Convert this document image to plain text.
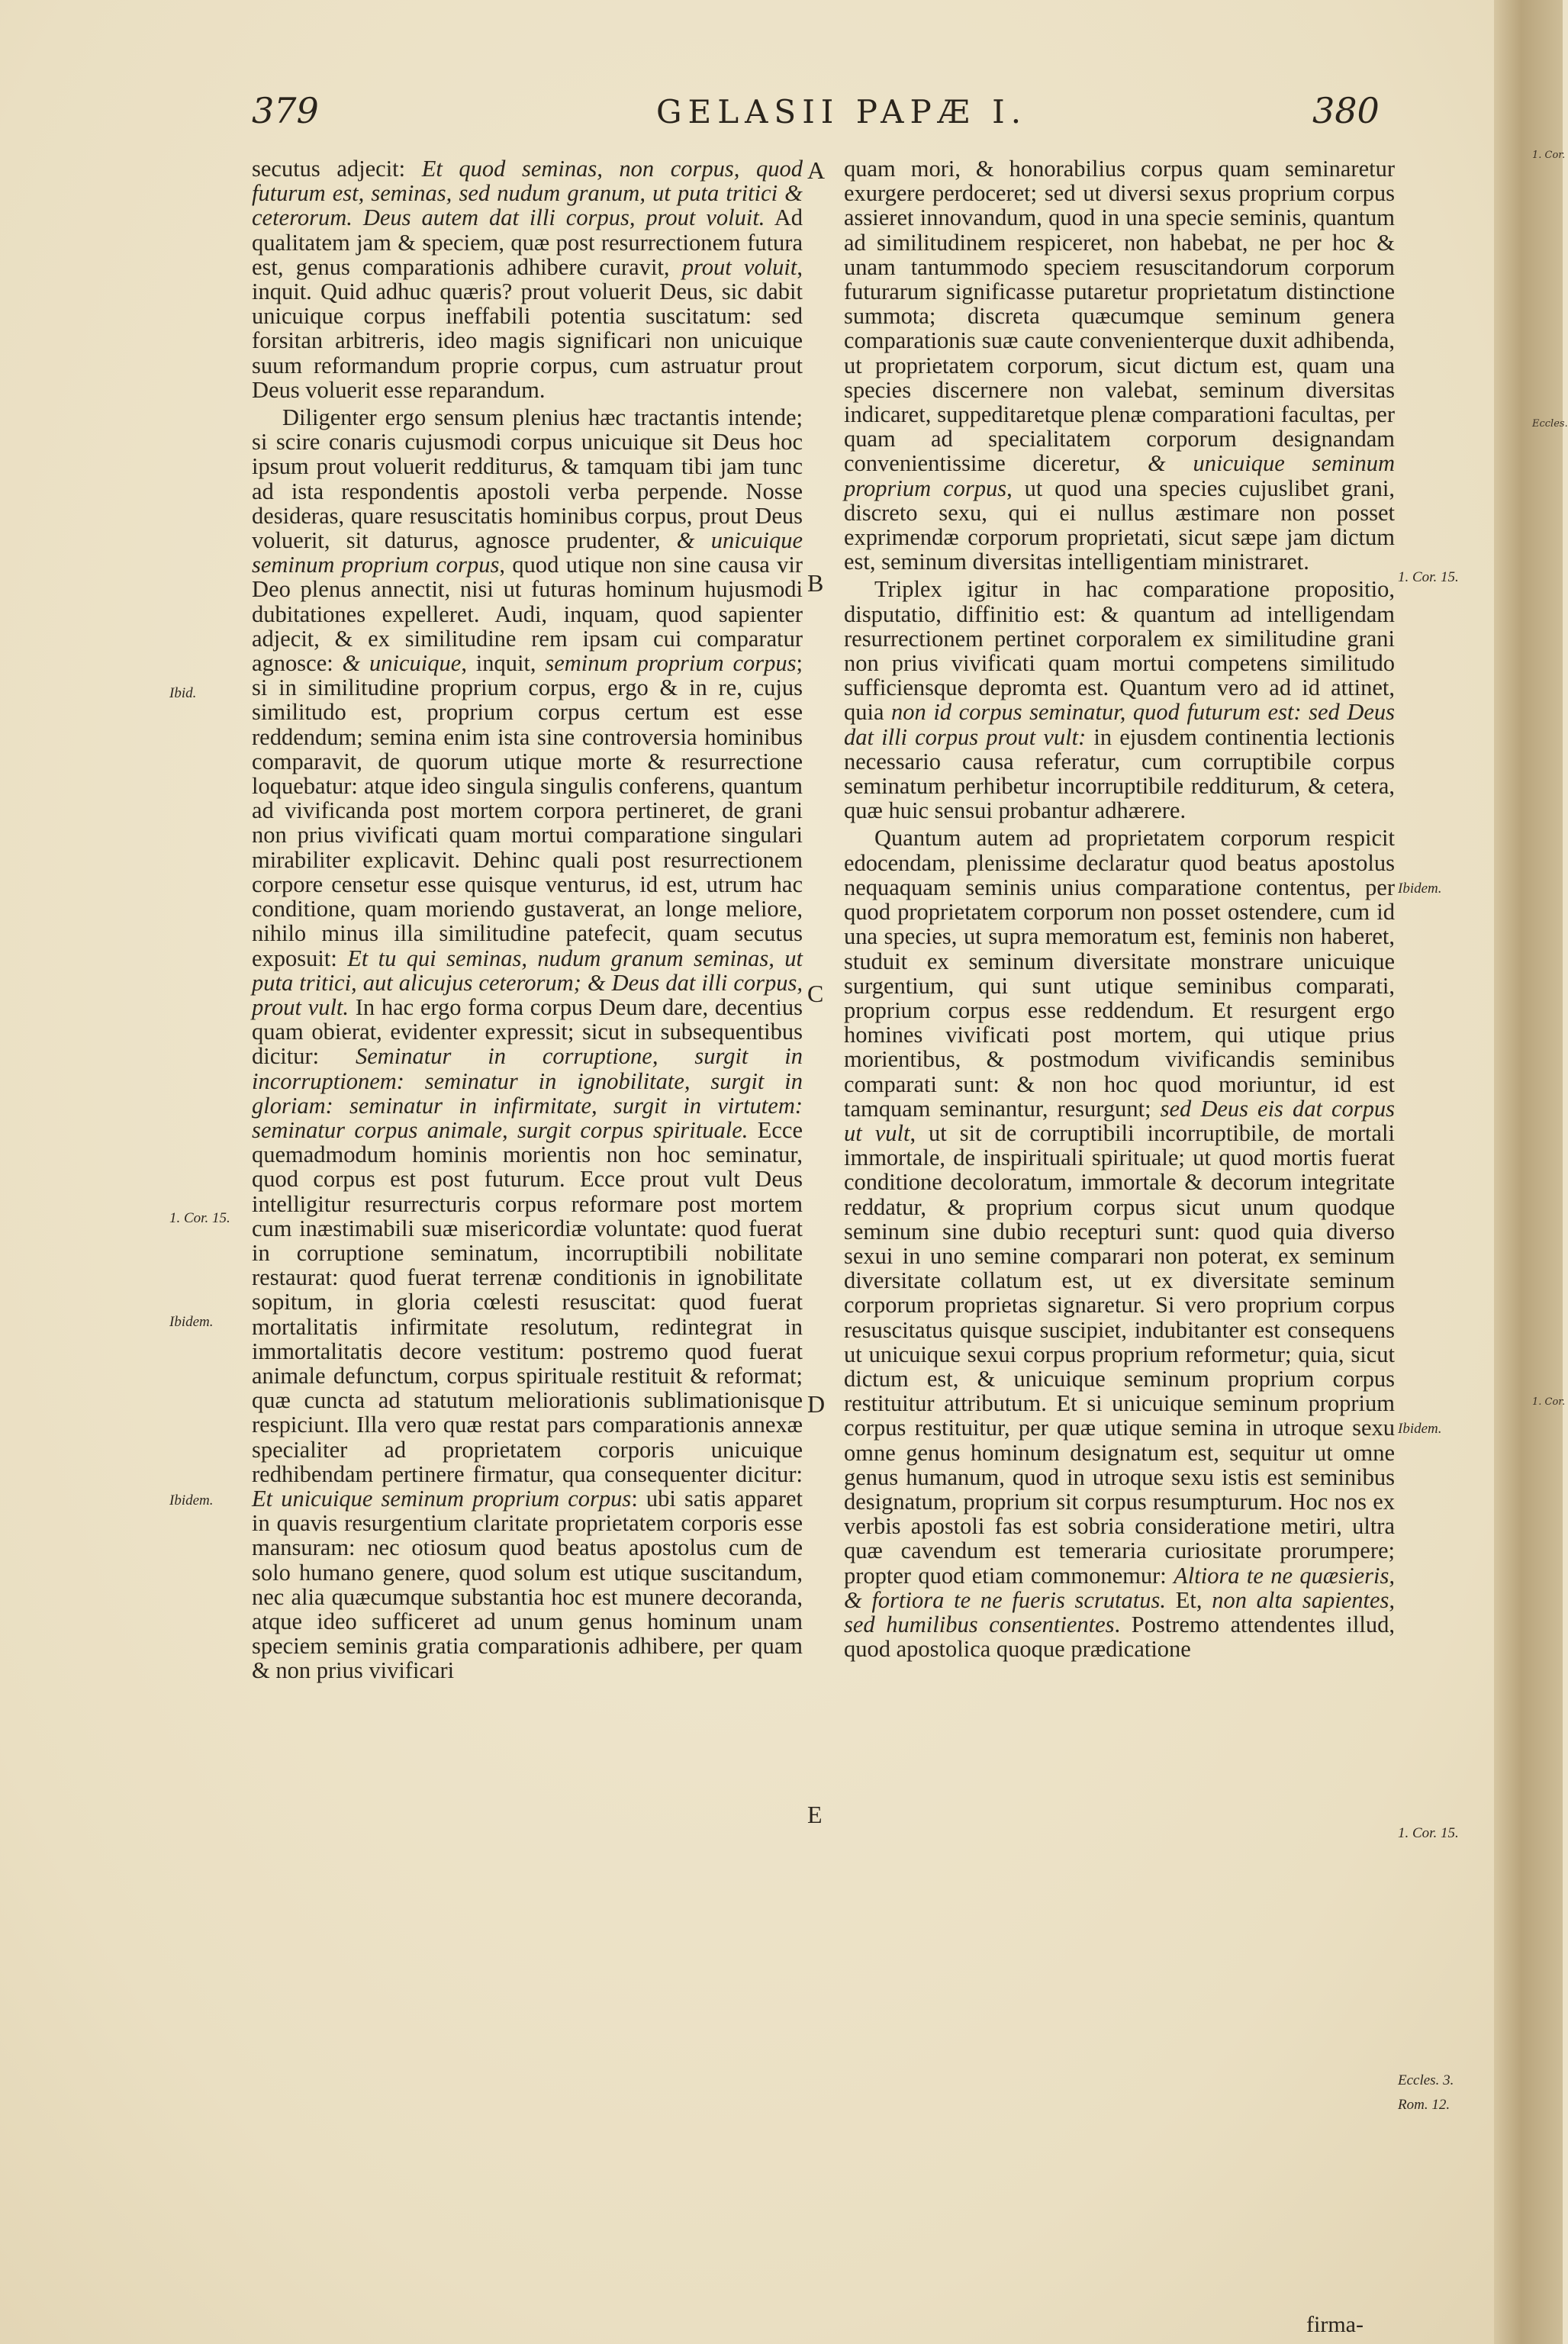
1. Cor.
Eccles.
1. Cor.
379	GELASII PAPÆ I.	380

secutus adjecit: Et quod seminas, non corpus, quod futurum est, seminas, sed nudum granum, ut puta tritici & ceterorum. Deus autem dat illi corpus, prout voluit. Ad qualitatem jam & speciem, quæ post resurrectionem futura est, genus comparationis adhibere curavit, prout voluit, inquit. Quid adhuc quæris? prout voluerit Deus, sic dabit unicuique corpus ineffabili potentia suscitatum: sed forsitan arbitreris, ideo magis significari non unicuique suum reformandum proprie corpus, cum astruatur prout Deus voluerit esse reparandum.

Diligenter ergo sensum plenius hæc tractantis intende; si scire conaris cujusmodi corpus unicuique sit Deus hoc ipsum prout voluerit redditurus, & tamquam tibi jam tunc ad ista respondentis apostoli verba perpende. Nosse desideras, quare resuscitatis hominibus corpus, prout Deus voluerit, sit daturus, agnosce prudenter, & unicuique seminum proprium corpus, quod utique non sine causa vir Deo plenus annectit, nisi ut futuras hominum hujusmodi dubitationes expelleret. Audi, inquam, quod sapienter adjecit, & ex similitudine rem ipsam cui comparatur agnosce: & unicuique, inquit, seminum proprium corpus; si in similitudine proprium corpus, ergo & in re, cujus similitudo est, proprium corpus certum est esse reddendum; semina enim ista sine controversia hominibus comparavit, de quorum utique morte & resurrectione loquebatur: atque ideo singula singulis conferens, quantum ad vivificanda post mortem corpora pertineret, de grani non prius vivificati quam mortui comparatione singulari mirabiliter explicavit. Dehinc quali post resurrectionem corpore censetur esse quisque venturus, id est, utrum hac conditione, quam moriendo gustaverat, an longe meliore, nihilo minus illa similitudine patefecit, quam secutus exposuit: Et tu qui seminas, nudum granum seminas, ut puta tritici, aut alicujus ceterorum; & Deus dat illi corpus, prout vult. In hac ergo forma corpus Deum dare, decentius quam obierat, evidenter expressit; sicut in subsequentibus dicitur: Seminatur in corruptione, surgit in incorruptionem: seminatur in ignobilitate, surgit in gloriam: seminatur in infirmitate, surgit in virtutem: seminatur corpus animale, surgit corpus spirituale. Ecce quemadmodum hominis morientis non hoc seminatur, quod corpus est post futurum. Ecce prout vult Deus intelligitur resurrecturis corpus reformare post mortem cum inæstimabili suæ misericordiæ voluntate: quod fuerat in corruptione seminatum, incorruptibili nobilitate restaurat: quod fuerat terrenæ conditionis in ignobilitate sopitum, in gloria cœlesti resuscitat: quod fuerat mortalitatis infirmitate resolutum, redintegrat in immortalitatis decore vestitum: postremo quod fuerat animale defunctum, corpus spirituale restituit & reformat; quæ cuncta ad statutum meliorationis sublimationisque respiciunt. Illa vero quæ restat pars comparationis annexæ specialiter ad proprietatem corporis unicuique redhibendam pertinere firmatur, qua consequenter dicitur: Et unicuique seminum proprium corpus: ubi satis apparet in quavis resurgentium claritate proprietatem corporis esse mansuram: nec otiosum quod beatus apostolus cum de solo humano genere, quod solum est utique suscitandum, nec alia quæcumque substantia hoc est munere decoranda, atque ideo sufficeret ad unum genus hominum unam speciem seminis gratia comparationis adhibere, per quam & non prius vivificari

quam mori, & honorabilius corpus quam seminaretur exurgere perdoceret; sed ut diversi sexus proprium corpus assieret innovandum, quod in una specie seminis, quantum ad similitudinem respiceret, non habebat, ne per hoc & unam tantummodo speciem resuscitandorum corporum futurarum significasse putaretur proprietatum distinctione summota; discreta quæcumque seminum genera comparationis suæ caute convenienterque duxit adhibenda, ut proprietatem corporum, sicut dictum est, quam una species discernere non valebat, seminum diversitas indicaret, suppeditaretque plenæ comparationi facultas, per quam ad specialitatem corporum designandam convenientissime diceretur, & unicuique seminum proprium corpus, ut quod una species cujuslibet grani, discreto sexu, qui ei nullus æstimare non posset exprimendæ corporum proprietati, sicut sæpe jam dictum est, seminum diversitas intelligentiam ministraret.

Triplex igitur in hac comparatione propositio, disputatio, diffinitio est: & quantum ad intelligendam resurrectionem pertinet corporalem ex similitudine grani non prius vivificati quam mortui competens similitudo sufficiensque depromta est. Quantum vero ad id attinet, quia non id corpus seminatur, quod futurum est: sed Deus dat illi corpus prout vult: in ejusdem continentia lectionis necessario causa referatur, cum corruptibile corpus seminatum perhibetur incorruptibile redditurum, & cetera, quæ huic sensui probantur adhærere.

Quantum autem ad proprietatem corporum respicit edocendam, plenissime declaratur quod beatus apostolus nequaquam seminis unius comparatione contentus, per quod proprietatem corporum non posset ostendere, cum id una species, ut supra memoratum est, feminis non haberet, studuit ex seminum diversitate monstrare unicuique surgentium, qui sunt utique seminibus comparati, proprium corpus esse reddendum. Et resurgent ergo homines vivificati post mortem, qui utique prius morientibus, & postmodum vivificandis seminibus comparati sunt: & non hoc quod moriuntur, id est tamquam seminantur, resurgunt; sed Deus eis dat corpus ut vult, ut sit de corruptibili incorruptibile, de mortali immortale, de inspirituali spirituale; ut quod mortis fuerat conditione decoloratum, immortale & decorum integritate reddatur, & proprium corpus sicut unum quodque seminum sine dubio recepturi sunt: quod quia diverso sexui in uno semine comparari non poterat, ex seminum diversitate collatum est, ut ex diversitate seminum corporum proprietas signaretur. Si vero proprium corpus resuscitatus quisque suscipiet, indubitanter est consequens ut unicuique sexui corpus proprium reformetur; quia, sicut dictum est, & unicuique seminum proprium corpus restituitur attributum. Et si unicuique seminum proprium corpus restituitur, per quæ utique semina in utroque sexu omne genus hominum designatum est, sequitur ut omne genus humanum, quod in utroque sexu istis est seminibus designatum, proprium sit corpus resumpturum. Hoc nos ex verbis apostoli fas est sobria consideratione metiri, ultra quæ cavendum est temeraria curiositate prorumpere; propter quod etiam commonemur: Altiora te ne quæsieris, & fortiora te ne fueris scrutatus. Et, non alta sapientes, sed humilibus consentientes. Postremo attendentes illud, quod apostolica quoque prædicatione

A
B
C
D
E
Ibid.
1. Cor. 15.
Ibidem.
Ibidem.
1. Cor. 15.
Ibidem.
Ibidem.
1. Cor. 15.
Eccles. 3.
Rom. 12.
firma-
